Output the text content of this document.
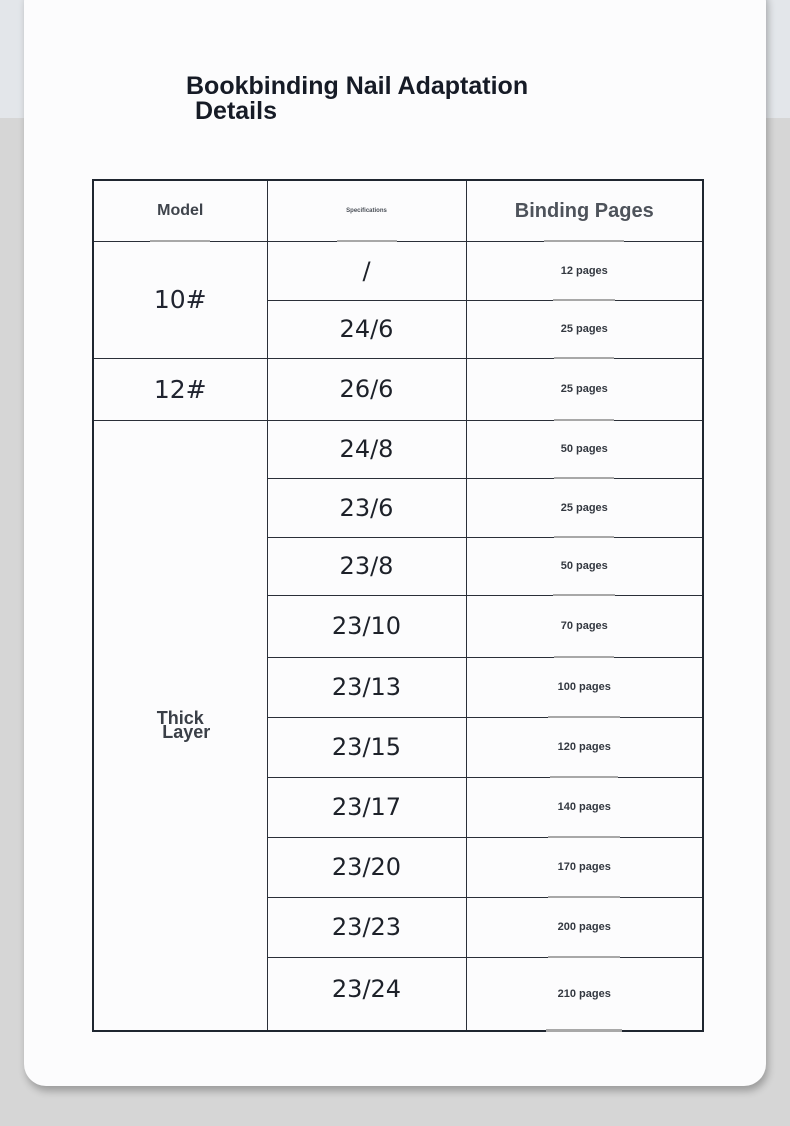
Bookbinding Nail Adaptation
Details
Model	Specifications	Binding Pages

10#	/	12 pages

	24/6	25 pages

12#	26/6	25 pages

Thick
Layer	24/8	50 pages

	23/6	25 pages

	23/8	50 pages

	23/10	70 pages

	23/13	100 pages

	23/15	120 pages

	23/17	140 pages

	23/20	170 pages

	23/23	200 pages

	23/24	210 pages
